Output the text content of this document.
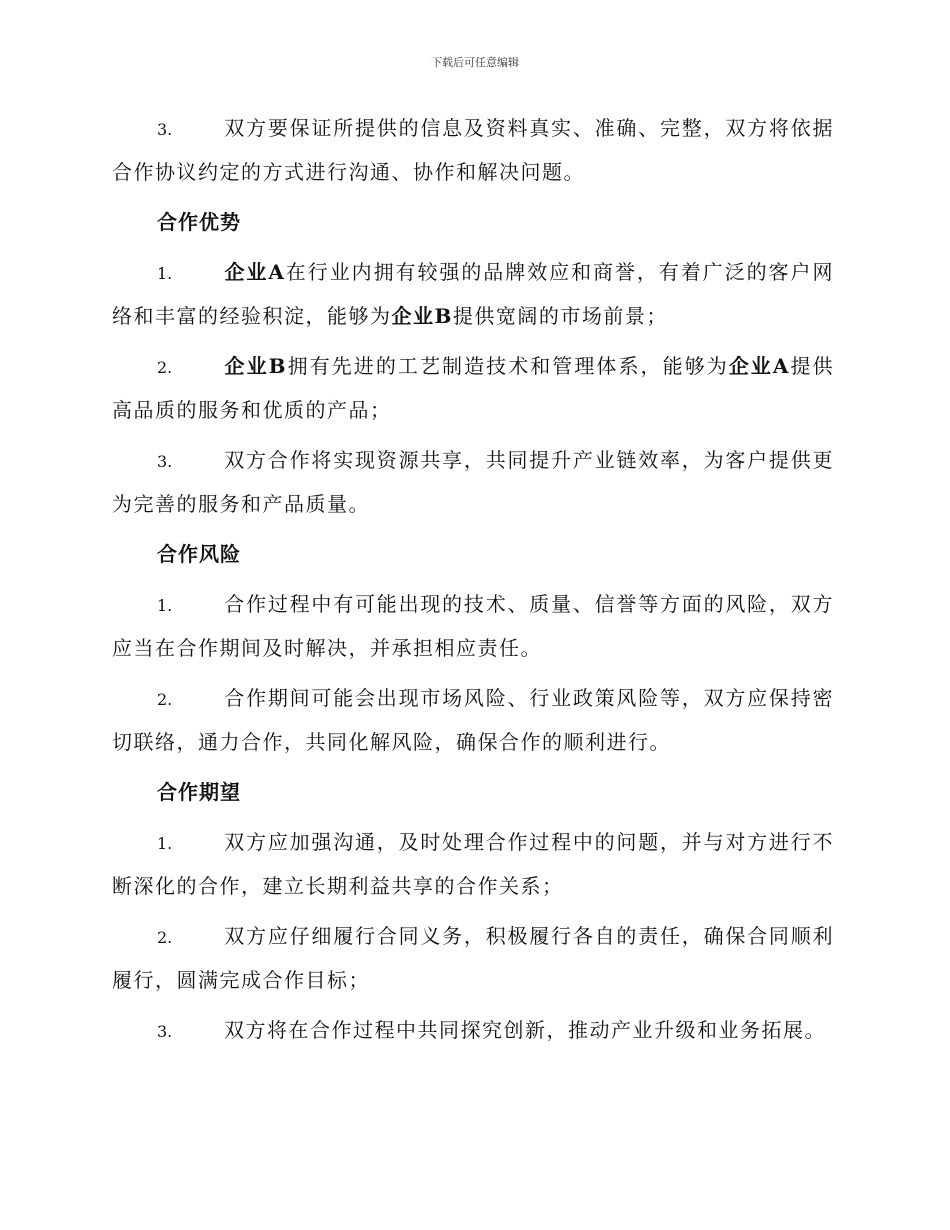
下载后可任意编辑
3.	双方要保证所提供的信息及资料真实、准确、完整，双方将依据合作协议约定的方式进行沟通、协作和解决问题。
合作优势
1.	企业A在行业内拥有较强的品牌效应和商誉，有着广泛的客户网络和丰富的经验积淀，能够为企业B提供宽阔的市场前景；
2.	企业B拥有先进的工艺制造技术和管理体系，能够为企业A提供高品质的服务和优质的产品；
3.	双方合作将实现资源共享，共同提升产业链效率，为客户提供更为完善的服务和产品质量。
合作风险
1.	合作过程中有可能出现的技术、质量、信誉等方面的风险，双方应当在合作期间及时解决，并承担相应责任。
2.	合作期间可能会出现市场风险、行业政策风险等，双方应保持密切联络，通力合作，共同化解风险，确保合作的顺利进行。
合作期望
1.	双方应加强沟通，及时处理合作过程中的问题，并与对方进行不断深化的合作，建立长期利益共享的合作关系；
2.	双方应仔细履行合同义务，积极履行各自的责任，确保合同顺利履行，圆满完成合作目标；
3.	双方将在合作过程中共同探究创新，推动产业升级和业务拓展。
